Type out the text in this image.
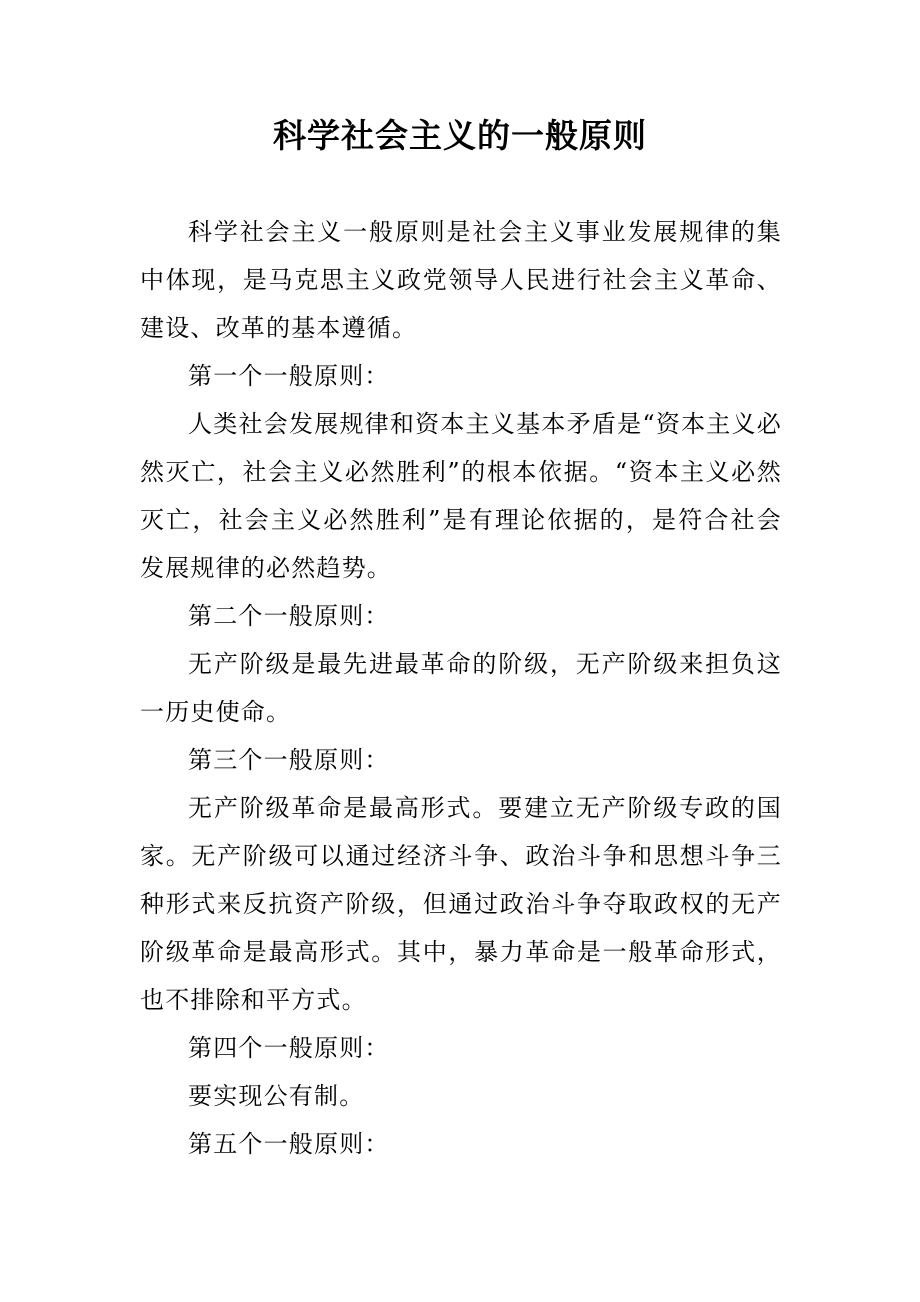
科学社会主义的一般原则

科学社会主义一般原则是社会主义事业发展规律的集中体现，是马克思主义政党领导人民进行社会主义革命、建设、改革的基本遵循。

第一个一般原则：

人类社会发展规律和资本主义基本矛盾是“资本主义必然灭亡，社会主义必然胜利”的根本依据。“资本主义必然灭亡，社会主义必然胜利”是有理论依据的，是符合社会发展规律的必然趋势。

第二个一般原则：

无产阶级是最先进最革命的阶级，无产阶级来担负这一历史使命。

第三个一般原则：

无产阶级革命是最高形式。要建立无产阶级专政的国家。无产阶级可以通过经济斗争、政治斗争和思想斗争三种形式来反抗资产阶级，但通过政治斗争夺取政权的无产阶级革命是最高形式。其中，暴力革命是一般革命形式，也不排除和平方式。

第四个一般原则：

要实现公有制。

第五个一般原则：
